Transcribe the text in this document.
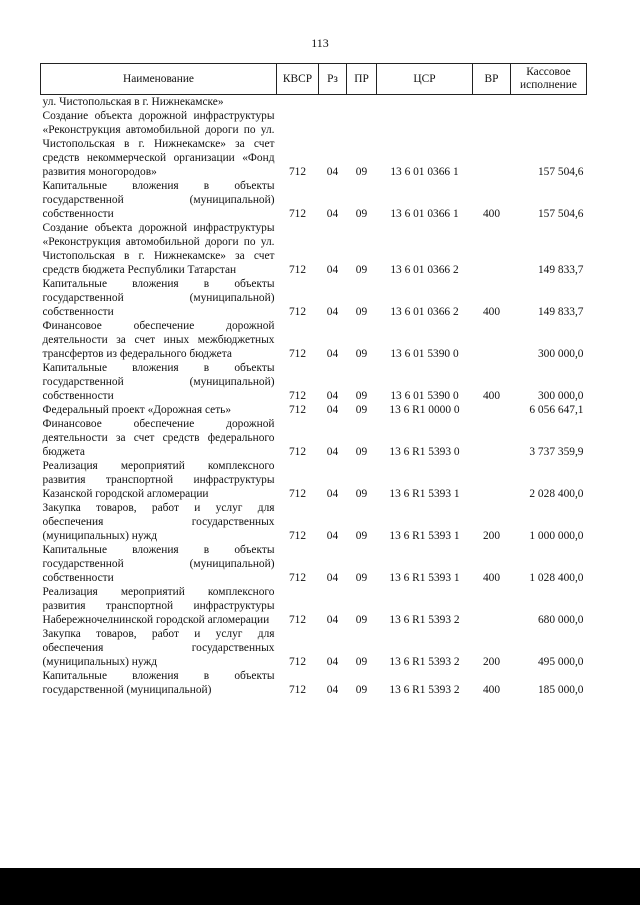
113
Наименование	КВСР	Рз	ПР	ЦСР	ВР	Кассовое исполнение
ул. Чистопольская в г. Нижнекамске»						
Создание объекта дорожной инфраструктуры «Реконструкция автомобильной дороги по ул. Чистопольская в г. Нижнекамске» за счет средств некоммерческой организации «Фонд развития моногородов»	712	04	09	13 6 01 0366 1		157 504,6
Капитальные вложения в объекты государственной (муниципальной) собственности	712	04	09	13 6 01 0366 1	400	157 504,6
Создание объекта дорожной инфраструктуры «Реконструкция автомобильной дороги по ул. Чистопольская в г. Нижнекамске» за счет средств бюджета Республики Татарстан	712	04	09	13 6 01 0366 2		149 833,7
Капитальные вложения в объекты государственной (муниципальной) собственности	712	04	09	13 6 01 0366 2	400	149 833,7
Финансовое обеспечение дорожной деятельности за счет иных межбюджетных трансфертов из федерального бюджета	712	04	09	13 6 01 5390 0		300 000,0
Капитальные вложения в объекты государственной (муниципальной) собственности	712	04	09	13 6 01 5390 0	400	300 000,0
Федеральный проект «Дорожная сеть»	712	04	09	13 6 R1 0000 0		6 056 647,1
Финансовое обеспечение дорожной деятельности за счет средств федерального бюджета	712	04	09	13 6 R1 5393 0		3 737 359,9
Реализация мероприятий комплексного развития транспортной инфраструктуры Казанской городской агломерации	712	04	09	13 6 R1 5393 1		2 028 400,0
Закупка товаров, работ и услуг для обеспечения государственных (муниципальных) нужд	712	04	09	13 6 R1 5393 1	200	1 000 000,0
Капитальные вложения в объекты государственной (муниципальной) собственности	712	04	09	13 6 R1 5393 1	400	1 028 400,0
Реализация мероприятий комплексного развития транспортной инфраструктуры Набережночелнинской городской агломерации	712	04	09	13 6 R1 5393 2		680 000,0
Закупка товаров, работ и услуг для обеспечения государственных (муниципальных) нужд	712	04	09	13 6 R1 5393 2	200	495 000,0
Капитальные вложения в объекты государственной (муниципальной)	712	04	09	13 6 R1 5393 2	400	185 000,0
